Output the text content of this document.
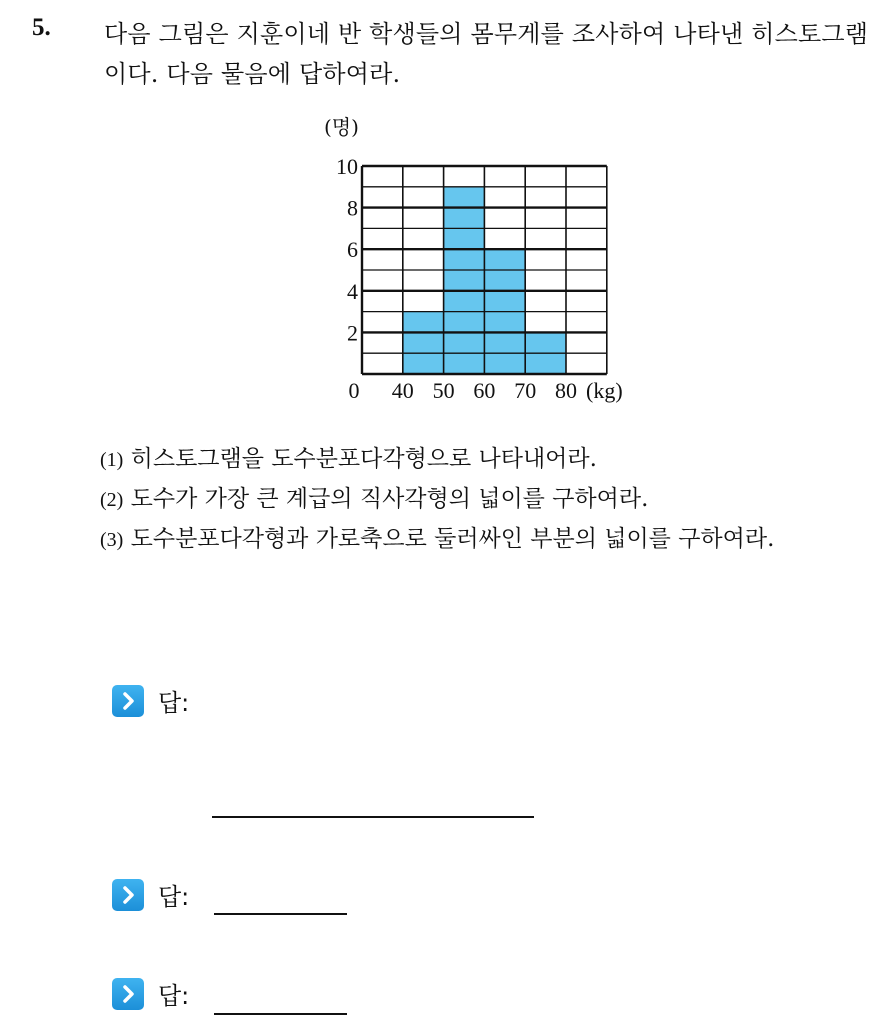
5. 다음 그림은 지훈이네 반 학생들의 몸무게를 조사하여 나타낸 히스토그램이다. 다음 물음에 답하여라.
(명)
2
4
6
8
10
0 40 50 60 70 80 (kg)
(1) 히스토그램을 도수분포다각형으로 나타내어라.
(2) 도수가 가장 큰 계급의 직사각형의 넓이를 구하여라.
(3) 도수분포다각형과 가로축으로 둘러싸인 부분의 넓이를 구하여라.
답:
답:
답:
